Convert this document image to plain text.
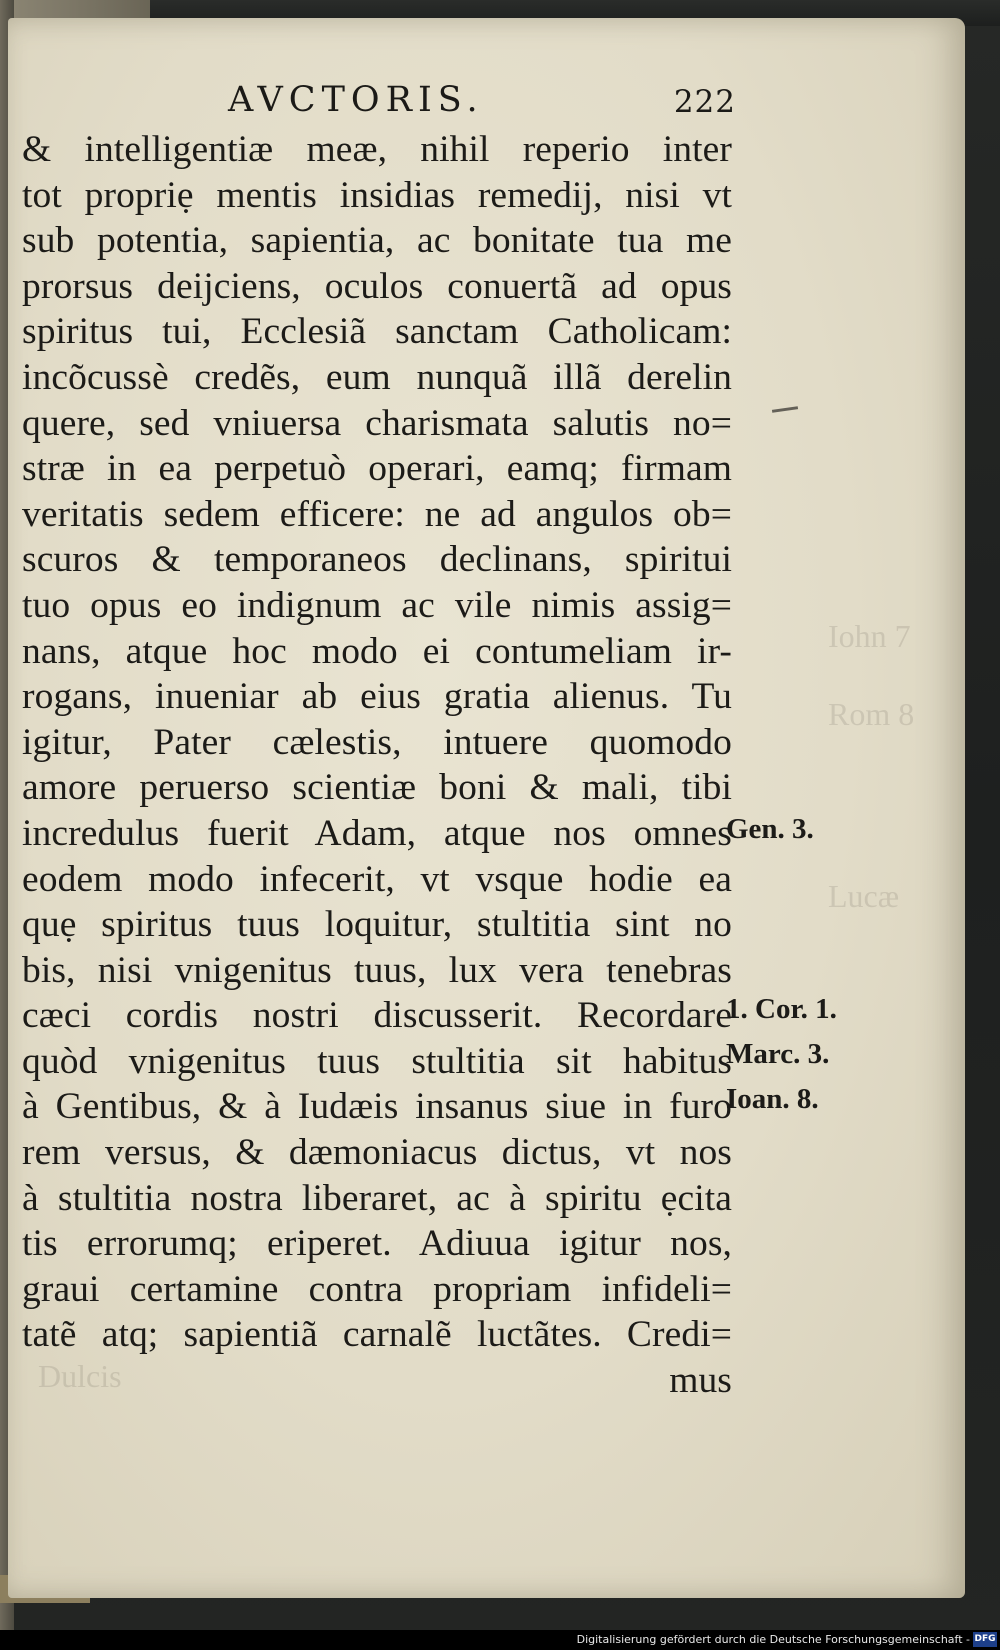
Iohn 7
Rom 8
Lucæ
Dulcis
AVCTORIS.	222
& intelligentiæ meæ, nihil reperio inter
tot propriẹ mentis insidias remedij, nisi vt
sub potentia, sapientia, ac bonitate tua me
prorsus deijciens, oculos conuertã ad opus
spiritus tui, Ecclesiã sanctam Catholicam:
incõcussè credẽs, eum nunquã illã derelin
quere, sed vniuersa charismata salutis no=
stræ in ea perpetuò operari, eamq; firmam
veritatis sedem efficere: ne ad angulos ob=
scuros & temporaneos declinans, spiritui
tuo opus eo indignum ac vile nimis assig=
nans, atque hoc modo ei contumeliam ir-
rogans, inueniar ab eius gratia alienus. Tu
igitur, Pater cælestis, intuere quomodo
amore peruerso scientiæ boni & mali, tibi
incredulus fuerit Adam, atque nos omnes
eodem modo infecerit, vt vsque hodie ea
quẹ spiritus tuus loquitur, stultitia sint no
bis, nisi vnigenitus tuus, lux vera tenebras
cæci cordis nostri discusserit. Recordare
quòd vnigenitus tuus stultitia sit habitus
à Gentibus, & à Iudæis insanus siue in furo
rem versus, & dæmoniacus dictus, vt nos
à stultitia nostra liberaret, ac à spiritu ẹcita
tis errorumq; eriperet. Adiuua igitur nos,
graui certamine contra propriam infideli=
tatẽ atq; sapientiã carnalẽ luctãtes. Credi=
mus
Gen. 3.
1. Cor. 1.
Marc. 3.
Ioan. 8.
Digitalisierung gefördert durch die Deutsche Forschungsgemeinschaft - DFG
